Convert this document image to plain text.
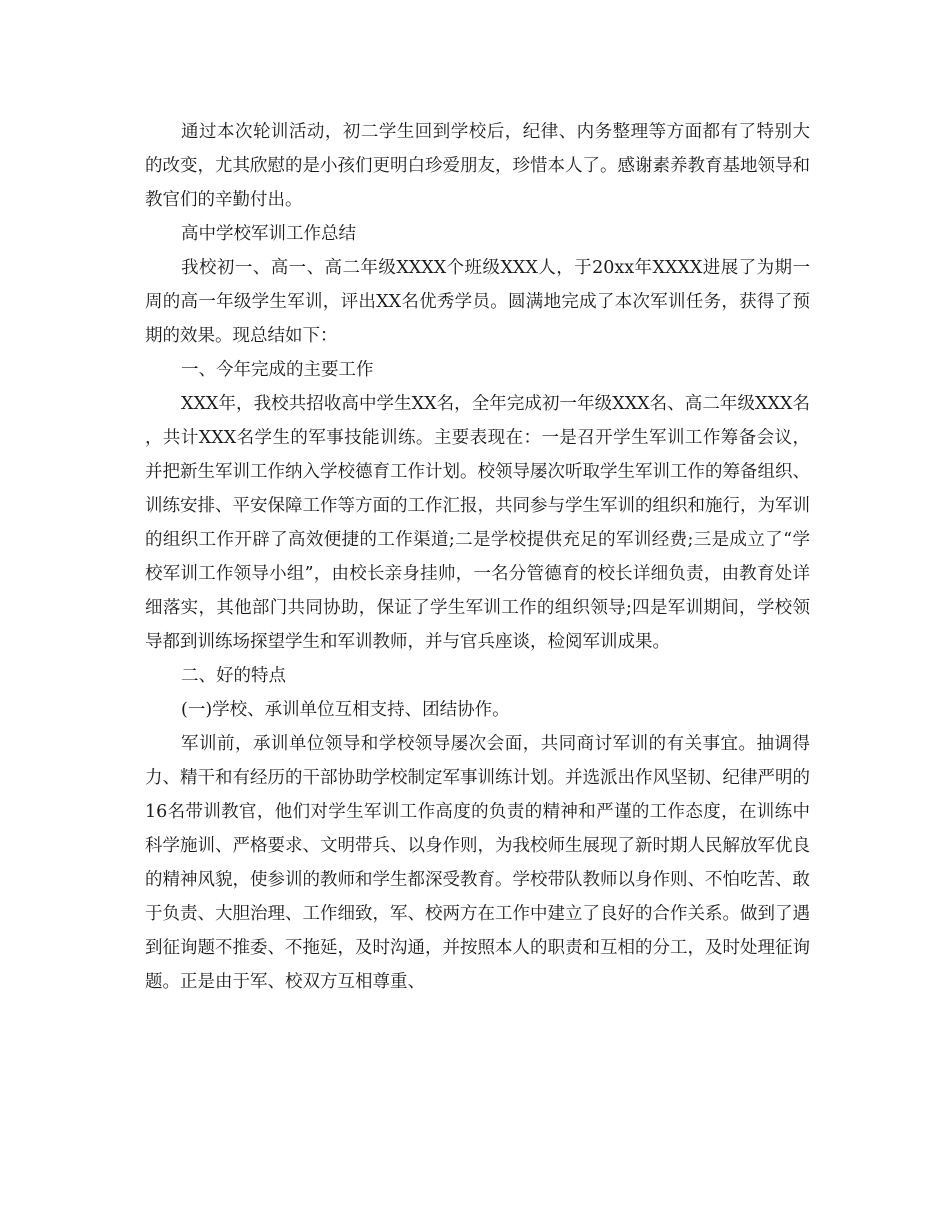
通过本次轮训活动，初二学生回到学校后，纪律、内务整理等方面都有了特别大的改变，尤其欣慰的是小孩们更明白珍爱朋友，珍惜本人了。感谢素养教育基地领导和教官们的辛勤付出。

高中学校军训工作总结

我校初一、高一、高二年级XXXX个班级XXX人，于20xx年XXXX进展了为期一周的高一年级学生军训，评出XX名优秀学员。圆满地完成了本次军训任务，获得了预期的效果。现总结如下：

一、今年完成的主要工作

XXX年，我校共招收高中学生XX名，全年完成初一年级XXX名、高二年级XXX名，共计XXX名学生的军事技能训练。主要表现在：一是召开学生军训工作筹备会议，并把新生军训工作纳入学校德育工作计划。校领导屡次听取学生军训工作的筹备组织、训练安排、平安保障工作等方面的工作汇报，共同参与学生军训的组织和施行，为军训的组织工作开辟了高效便捷的工作渠道;二是学校提供充足的军训经费;三是成立了“学校军训工作领导小组”，由校长亲身挂帅，一名分管德育的校长详细负责，由教育处详细落实，其他部门共同协助，保证了学生军训工作的组织领导;四是军训期间，学校领导都到训练场探望学生和军训教师，并与官兵座谈，检阅军训成果。

二、好的特点

(一)学校、承训单位互相支持、团结协作。

军训前，承训单位领导和学校领导屡次会面，共同商讨军训的有关事宜。抽调得力、精干和有经历的干部协助学校制定军事训练计划。并选派出作风坚韧、纪律严明的16名带训教官，他们对学生军训工作高度的负责的精神和严谨的工作态度，在训练中科学施训、严格要求、文明带兵、以身作则，为我校师生展现了新时期人民解放军优良的精神风貌，使参训的教师和学生都深受教育。学校带队教师以身作则、不怕吃苦、敢于负责、大胆治理、工作细致，军、校两方在工作中建立了良好的合作关系。做到了遇到征询题不推委、不拖延，及时沟通，并按照本人的职责和互相的分工，及时处理征询题。正是由于军、校双方互相尊重、
